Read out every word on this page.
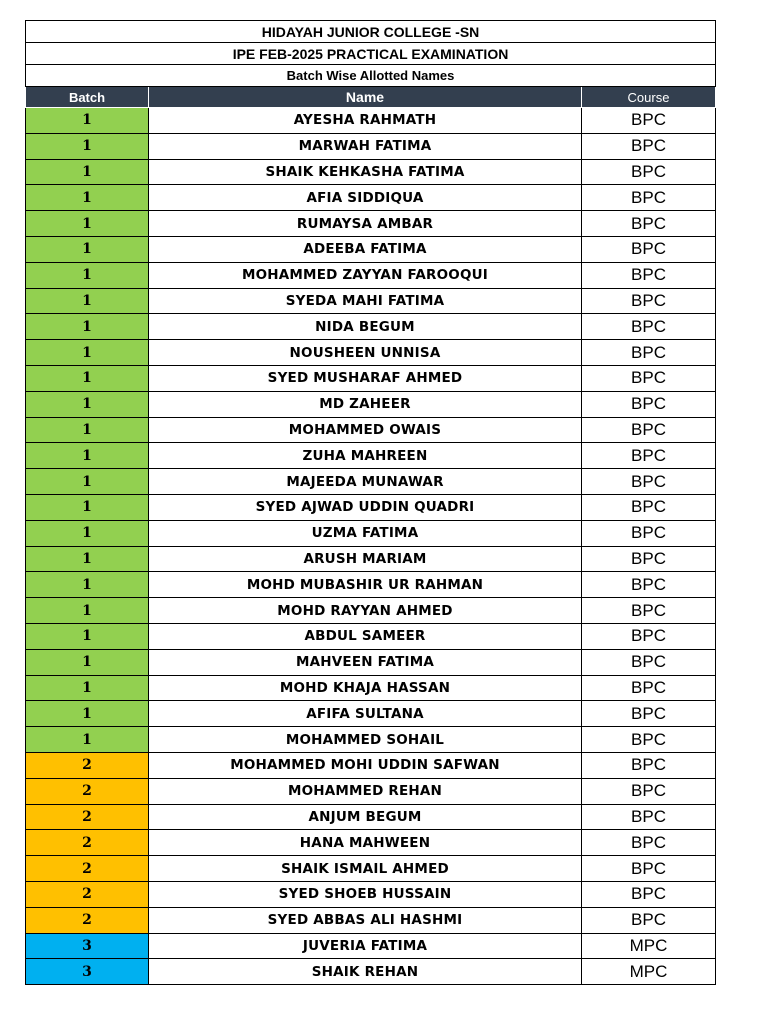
HIDAYAH JUNIOR COLLEGE -SN		
IPE FEB-2025 PRACTICAL EXAMINATION		
Batch Wise Allotted Names		
Batch	Name	Course
1	AYESHA RAHMATH	BPC
1	MARWAH FATIMA	BPC
1	SHAIK KEHKASHA FATIMA	BPC
1	AFIA SIDDIQUA	BPC
1	RUMAYSA AMBAR	BPC
1	ADEEBA FATIMA	BPC
1	MOHAMMED ZAYYAN FAROOQUI	BPC
1	SYEDA MAHI FATIMA	BPC
1	NIDA BEGUM	BPC
1	NOUSHEEN UNNISA	BPC
1	SYED MUSHARAF AHMED	BPC
1	MD ZAHEER	BPC
1	MOHAMMED OWAIS	BPC
1	ZUHA MAHREEN	BPC
1	MAJEEDA MUNAWAR	BPC
1	SYED AJWAD UDDIN QUADRI	BPC
1	UZMA FATIMA	BPC
1	ARUSH MARIAM	BPC
1	MOHD MUBASHIR UR RAHMAN	BPC
1	MOHD RAYYAN AHMED	BPC
1	ABDUL SAMEER	BPC
1	MAHVEEN FATIMA	BPC
1	MOHD KHAJA HASSAN	BPC
1	AFIFA SULTANA	BPC
1	MOHAMMED SOHAIL	BPC
2	MOHAMMED MOHI UDDIN SAFWAN	BPC
2	MOHAMMED REHAN	BPC
2	ANJUM BEGUM	BPC
2	HANA MAHWEEN	BPC
2	SHAIK ISMAIL AHMED	BPC
2	SYED SHOEB HUSSAIN	BPC
2	SYED ABBAS ALI HASHMI	BPC
3	JUVERIA FATIMA	MPC
3	SHAIK REHAN	MPC
